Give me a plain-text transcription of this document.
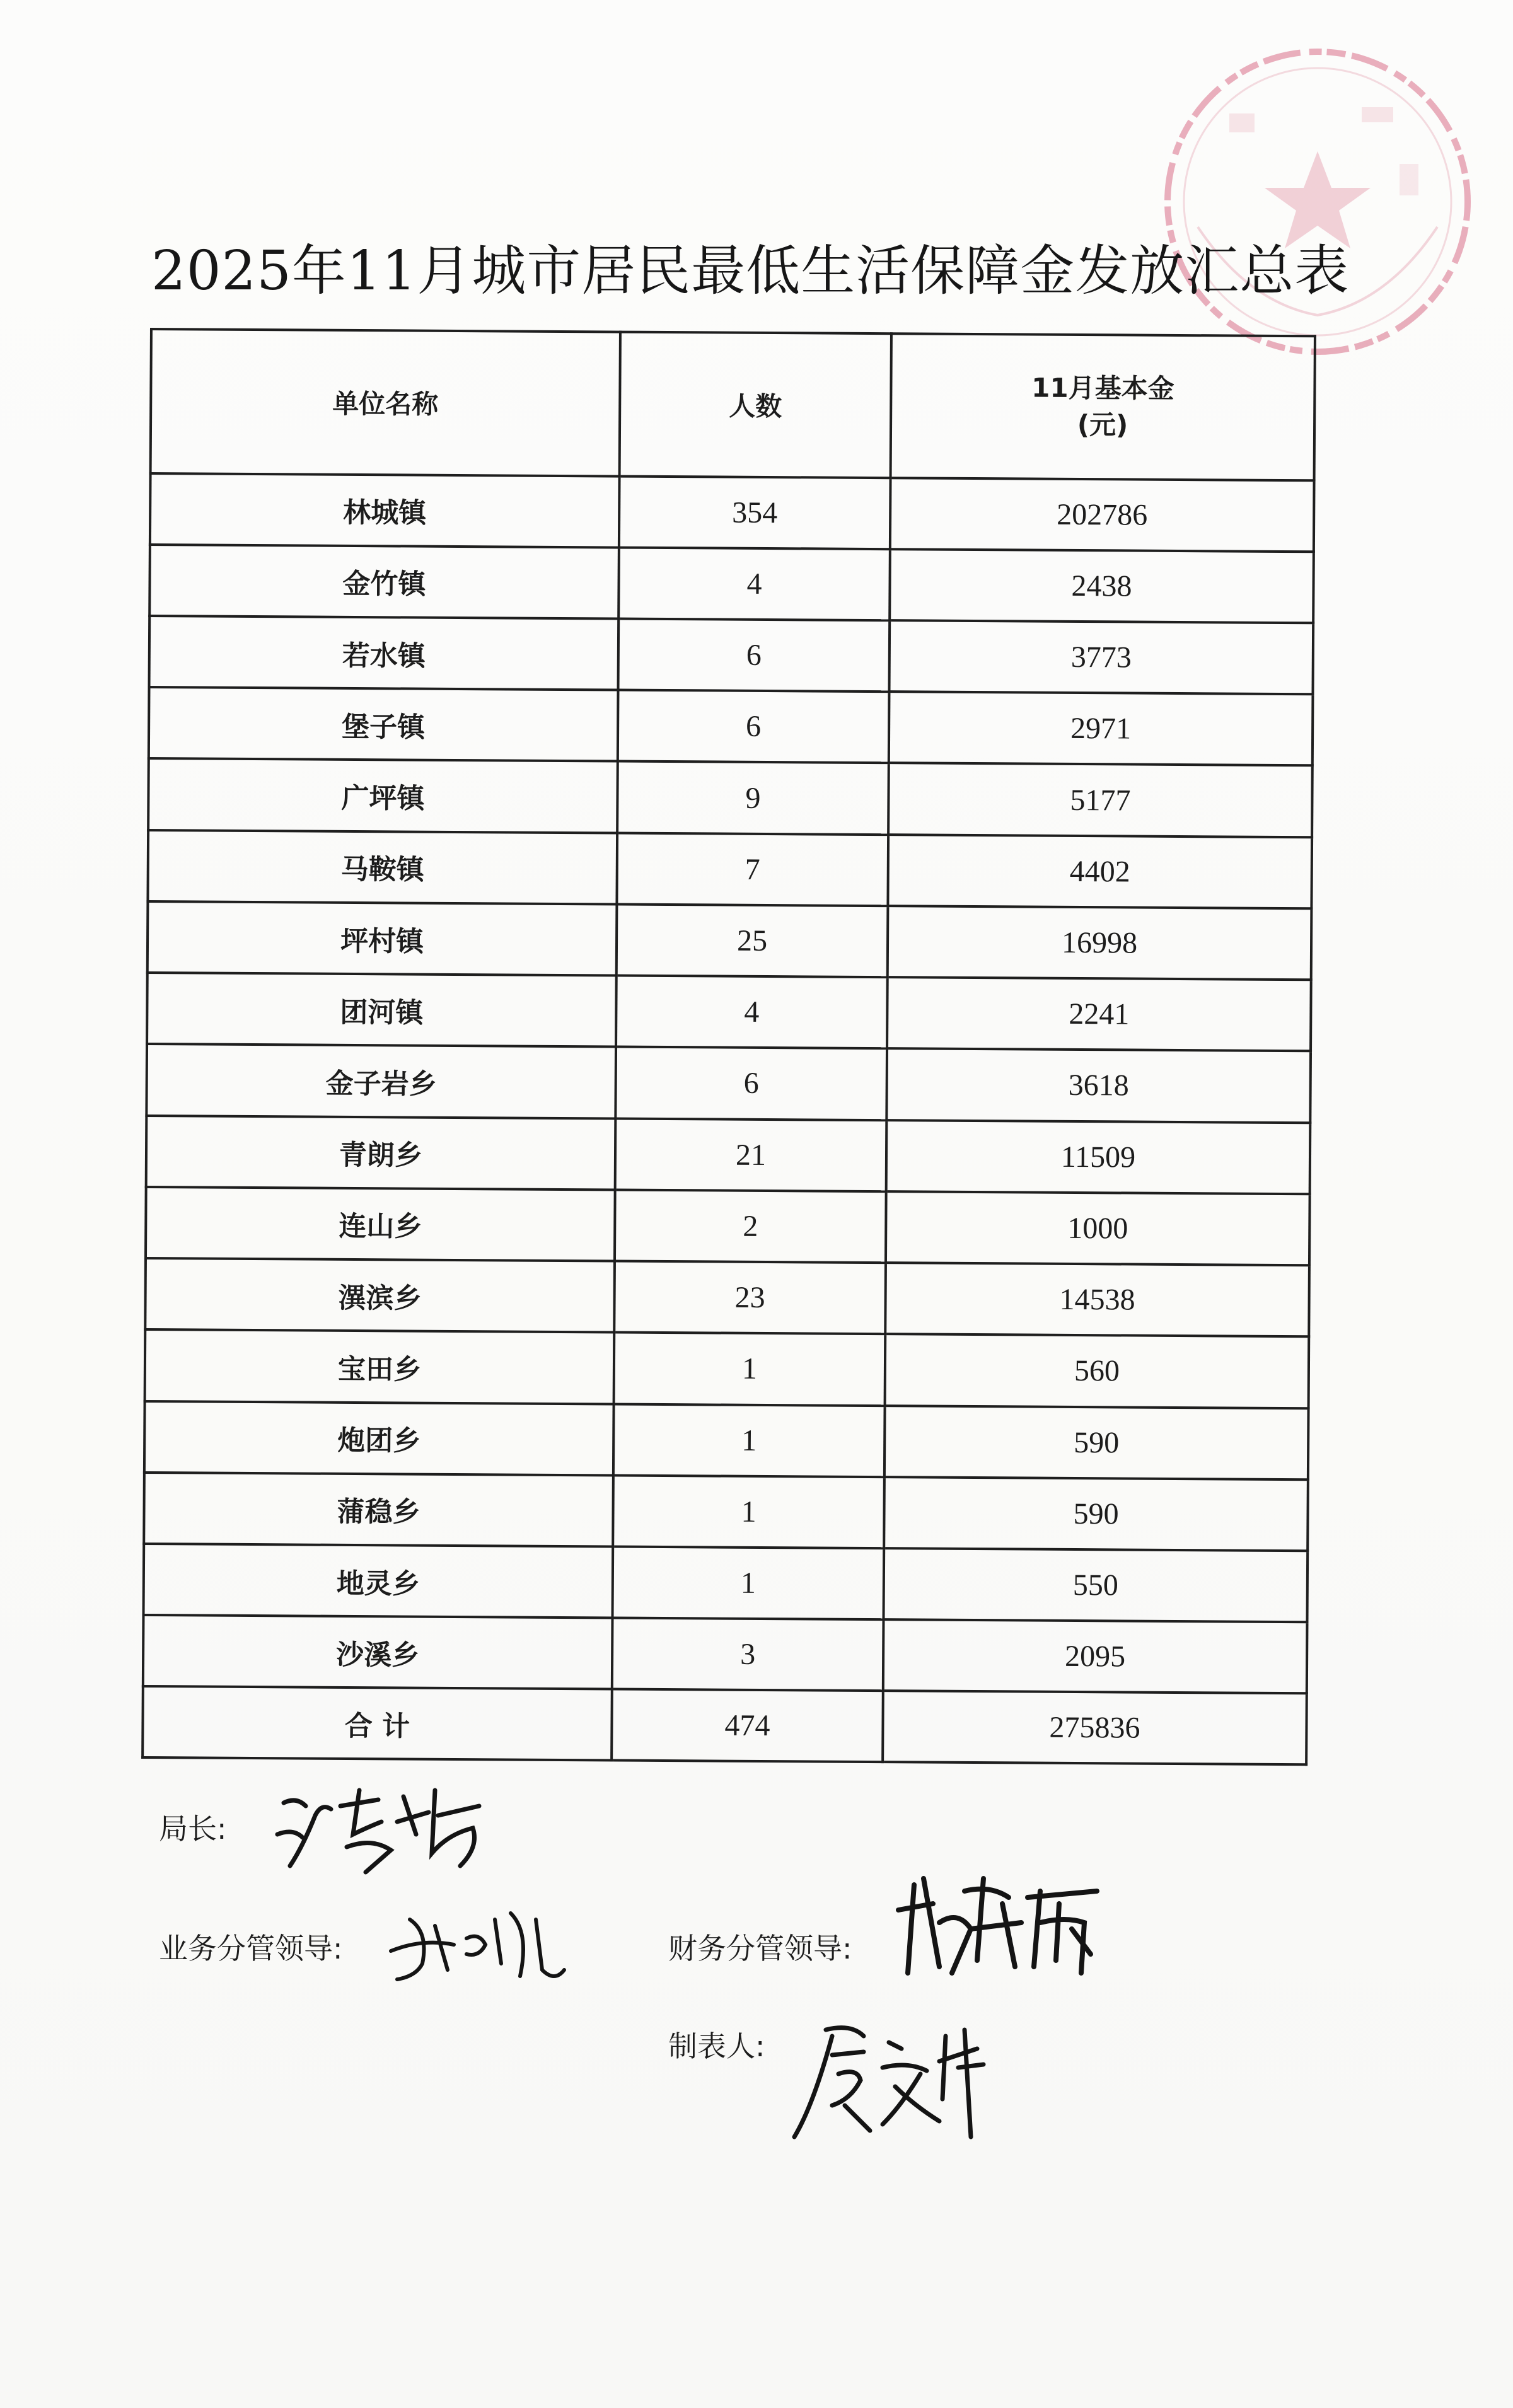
2025年11月城市居民最低生活保障金发放汇总表
单位名称	人数	11月基本金
(元)

林城镇	354	202786
金竹镇	4	2438
若水镇	6	3773
堡子镇	6	2971
广坪镇	9	5177
马鞍镇	7	4402
坪村镇	25	16998
团河镇	4	2241
金子岩乡	6	3618
青朗乡	21	11509
连山乡	2	1000
潩滨乡	23	14538
宝田乡	1	560
炮团乡	1	590
蒲稳乡	1	590
地灵乡	1	550
沙溪乡	3	2095
合 计	474	275836
局长:
业务分管领导:	财务分管领导:
制表人:
